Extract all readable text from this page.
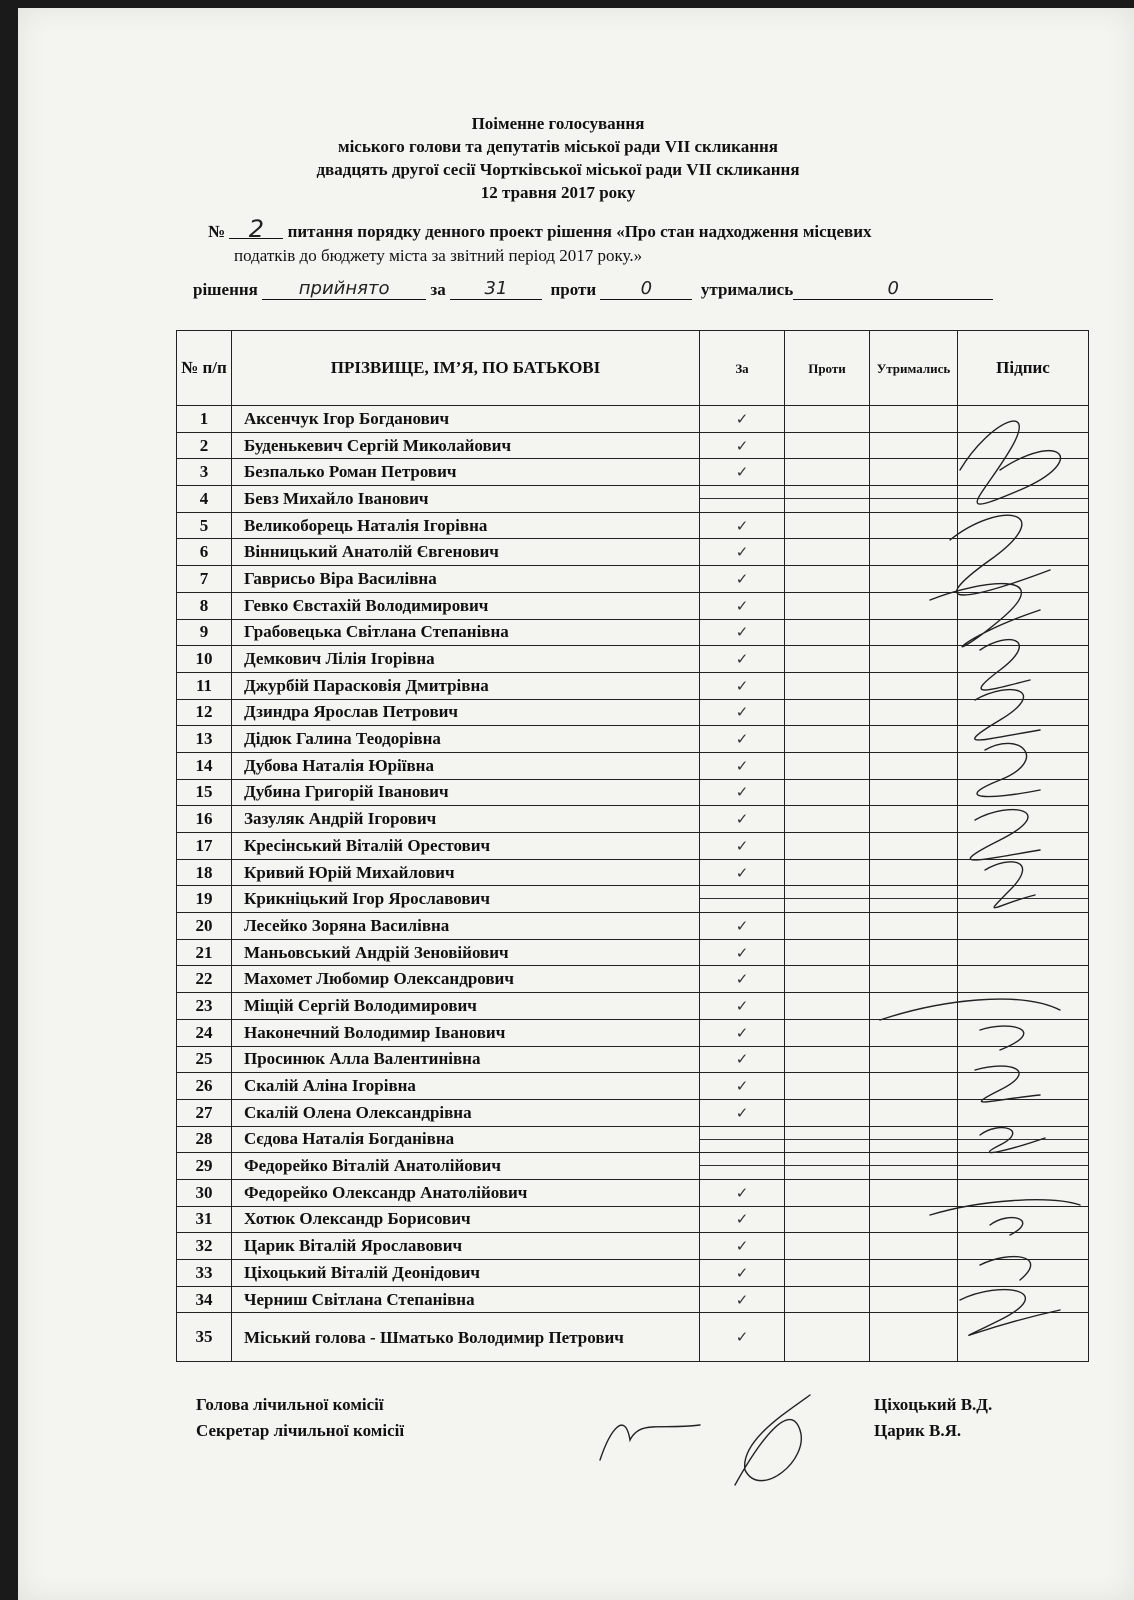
Поіменне голосування
міського голови та депутатів міської ради VII скликання
двадцять другої сесії Чортківської міської ради VII скликання
12 травня 2017 року
№ 2 питання порядку денного проект рішення «Про стан надходження місцевих
податків до бюджету міста за звітний період 2017 року.»
рішення прийнято за 31	проти 0	утримались	0
№ п/п	ПРІЗВИЩЕ, ІМ’Я, ПО БАТЬКОВІ	За	Проти	Утримались	Підпис
1	Аксенчук Ігор Богданович	✓			
2	Буденькевич Сергій Миколайович	✓			
3	Безпалько Роман Петрович	✓			
4	Бевз Михайло Іванович				
5	Великоборець Наталія Ігорівна	✓			
6	Вінницький Анатолій Євгенович	✓			
7	Гаврисьо Віра Василівна	✓			
8	Гевко Євстахій Володимирович	✓			
9	Грабовецька Світлана Степанівна	✓			
10	Демкович Лілія Ігорівна	✓			
11	Джурбій Парасковія Дмитрівна	✓			
12	Дзиндра Ярослав Петрович	✓			
13	Дідюк Галина Теодорівна	✓			
14	Дубова Наталія Юріївна	✓			
15	Дубина Григорій Іванович	✓			
16	Зазуляк Андрій Ігорович	✓			
17	Кресінський Віталій Орестович	✓			
18	Кривий Юрій Михайлович	✓			
19	Крикніцький Ігор Ярославович				
20	Лесейко Зоряна Василівна	✓			
21	Маньовський Андрій Зеновійович	✓			
22	Махомет Любомир Олександрович	✓			
23	Міщій Сергій Володимирович	✓			
24	Наконечний Володимир Іванович	✓			
25	Просинюк Алла Валентинівна	✓			
26	Скалій Аліна Ігорівна	✓			
27	Скалій Олена Олександрівна	✓			
28	Сєдова Наталія Богданівна				
29	Федорейко Віталій Анатолійович				
30	Федорейко Олександр Анатолійович	✓			
31	Хотюк Олександр Борисович	✓			
32	Царик Віталій Ярославович	✓			
33	Ціхоцький Віталій Деонідович	✓			
34	Черниш Світлана Степанівна	✓			
35	Міський голова - Шматько Володимир Петрович	✓			
Голова лічильної комісії
Секретар лічильної комісії
Ціхоцький В.Д.
Царик В.Я.
